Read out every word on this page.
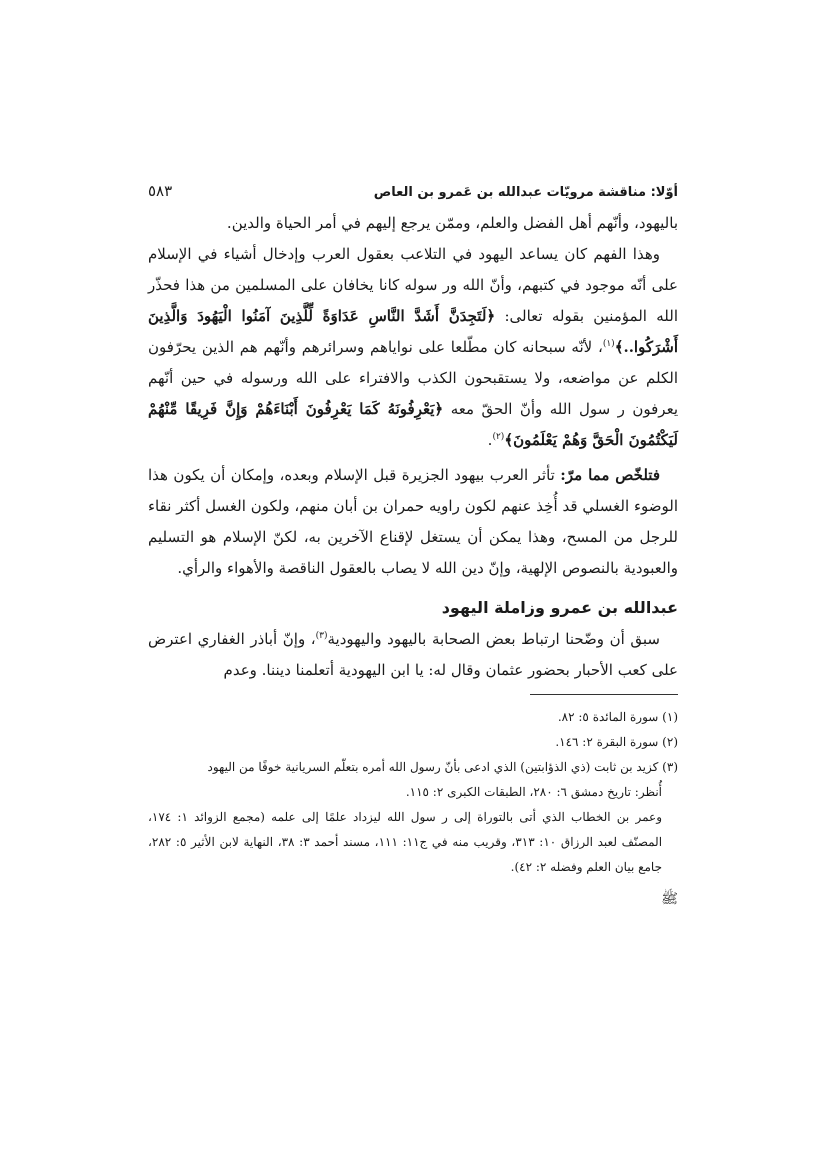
أوّلا: مناقشة مرويّات عبدالله بن عَمرو بن العاص
٥٨٣

باليهود، وأنّهم أهل الفضل والعلم، وممّن يرجع إليهم في أمر الحياة والدين.

وهذا الفهم كان يساعد اليهود في التلاعب بعقول العرب وإدخال أشياء في الإسلام على أنّه موجود في كتبهم، وأنّ الله ور سوله كانا يخافان على المسلمين من هذا فحذّر الله المؤمنين بقوله تعالى: ﴿لَتَجِدَنَّ أَشَدَّ النَّاسِ عَدَاوَةً لِّلَّذِينَ آمَنُوا الْيَهُودَ وَالَّذِينَ أَشْرَكُوا..﴾$^{(١)}$، لأنّه سبحانه كان مطّلعا على نواياهم وسرائرهم وأنّهم هم الذين يحرّفون الكلم عن مواضعه، ولا يستقبحون الكذب والافتراء على الله ورسوله في حين أنّهم يعرفون ر سول الله وأنّ الحقّ معه ﴿يَعْرِفُونَهُ كَمَا يَعْرِفُونَ أَبْنَاءَهُمْ وَإِنَّ فَرِيقًا مِّنْهُمْ لَيَكْتُمُونَ الْحَقَّ وَهُمْ يَعْلَمُونَ﴾$^{(٢)}$.

فتلخّص مما مرّ: تأثر العرب بيهود الجزيرة قبل الإسلام وبعده، وإمكان أن يكون هذا الوضوء الغسلي قد أُخِذ عنهم لكون راويه حمران بن أبان منهم، ولكون الغسل أكثر نقاء للرجل من المسح، وهذا يمكن أن يستغل لإقناع الآخرين به، لكنّ الإسلام هو التسليم والعبودية بالنصوص الإلهية، وإنّ دين الله لا يصاب بالعقول الناقصة والأهواء والرأي.

عبدالله بن عمرو وزاملة اليهود

سبق أن وضّحنا ارتباط بعض الصحابة باليهود واليهودية$^{(٣)}$، وإنّ أباذر الغفاري اعترض على كعب الأحبار بحضور عثمان وقال له: يا ابن اليهودية أتعلمنا ديننا. وعدم

(١) سورة المائدة ٥: ٨٢.

(٢) سورة البقرة ٢: ١٤٦.

(٣) كزيد بن ثابت (ذي الذؤابتين) الذي ادعى بأنّ رسول الله أمره بتعلّم السريانية خوفًا من اليهود

أُنظر: تاريخ دمشق ٦: ٢٨٠، الطبقات الكبرى ٢: ١١٥.

وعمر بن الخطاب الذي أتى بالتوراة إلى ر سول الله ليزداد علمًا إلى علمه (مجمع الزوائد ١: ١٧٤، المصنّف لعبد الرزاق ١٠: ٣١٣، وقريب منه في ج١١: ١١١، مسند أحمد ٣: ٣٨، النهاية لابن الأثير ٥: ٢٨٢، جامع بيان العلم وفضله ٢: ٤٢).

ﷺ
